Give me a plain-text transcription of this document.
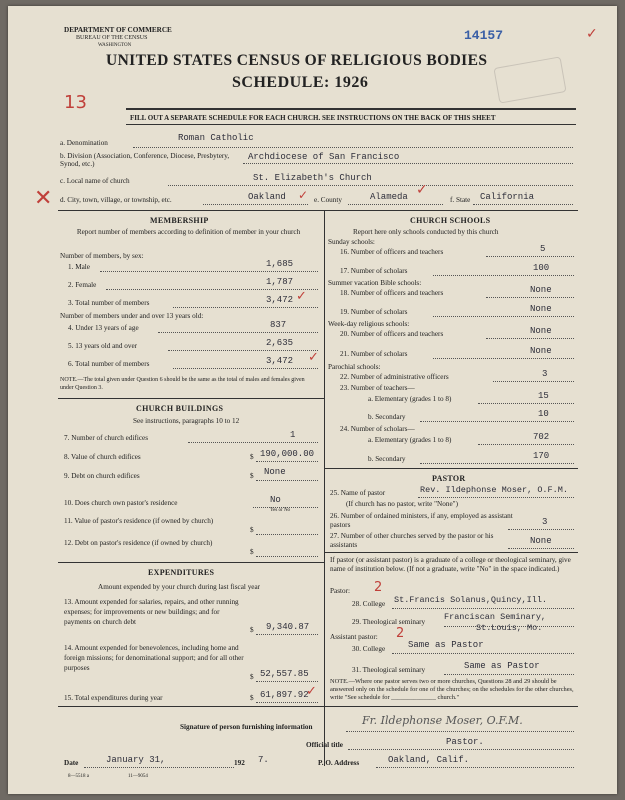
DEPARTMENT OF COMMERCE
BUREAU OF THE CENSUS
WASHINGTON
14157
UNITED STATES CENSUS OF RELIGIOUS BODIES
SCHEDULE: 1926
13
FILL OUT A SEPARATE SCHEDULE FOR EACH CHURCH. SEE INSTRUCTIONS ON THE BACK OF THIS SHEET
✓
a. Denomination	Roman Catholic
b. Division (Association, Conference, Diocese, Presbytery, Synod, etc.)
Archdiocese of San Francisco
c. Local name of church	St. Elizabeth's Church
d. City, town, village, or township, etc.	Oakland ✓ e. County	Alameda ✓
f. State California
✕
MEMBERSHIP
Report number of members according to definition of member in your church
Number of members, by sex:
1. Male	1,685
2. Female	1,787
3. Total number of members	3,472 ✓
Number of members under and over 13 years old:
4. Under 13 years of age	837
5. 13 years old and over	2,635
6. Total number of members	3,472 ✓
NOTE.—The total given under Question 6 should be the same as the total of males and females given under Question 3.
CHURCH BUILDINGS
See instructions, paragraphs 10 to 12
7. Number of church edifices	1
8. Value of church edifices	$ 190,000.00
9. Debt on church edifices	$ None
10. Does church own pastor's residence	No
Yes or No
11. Value of pastor's residence (if owned by church)
$
12. Debt on pastor's residence (if owned by church)
$
EXPENDITURES
Amount expended by your church during last fiscal year
13. Amount expended for salaries, repairs, and other running expenses; for improvements or new buildings; and for payments on church debt
$ 9,340.87
14. Amount expended for benevolences, including home and foreign missions; for denominational support; and for all other purposes
$ 52,557.85
15. Total expenditures during year	$ 61,897.92
✓
CHURCH SCHOOLS
Report here only schools conducted by this church
Sunday schools:
16. Number of officers and teachers	5
17. Number of scholars	100
Summer vacation Bible schools:
18. Number of officers and teachers	None
19. Number of scholars	None
Week-day religious schools:
20. Number of officers and teachers	None
21. Number of scholars	None
Parochial schools:
22. Number of administrative officers	3
23. Number of teachers—
a. Elementary (grades 1 to 8)	15
b. Secondary	10
24. Number of scholars—
a. Elementary (grades 1 to 8)	702
b. Secondary	170
PASTOR
25. Name of pastor	Rev. Ildephonse Moser, O.F.M.
(If church has no pastor, write "None")
26. Number of ordained ministers, if any, employed as assistant pastors	3
27. Number of other churches served by the pastor or his assistants	None
If pastor (or assistant pastor) is a graduate of a college or theological seminary, give name of institution below. (If not a graduate, write "No" in the space indicated.)
Pastor: 2
28. College St.Francis Solanus,Quincy,Ill.
29. Theological seminary Franciscan Seminary,
St.Louis, Mo.
Assistant pastor: 2
30. College	Same as Pastor
31. Theological seminary	Same as Pastor
NOTE.—Where one pastor serves two or more churches, Questions 28 and 29 should be answered only on the schedule for one of the churches; on the schedules for the other churches, write "See schedule for ______________ church."
Signature of person furnishing information	Fr. Ildephonse Moser, O.F.M.
Official title	Pastor.
Date	January 31,	192 7.	P. O. Address	Oakland, Calif.
8—5518 a	11—9054
